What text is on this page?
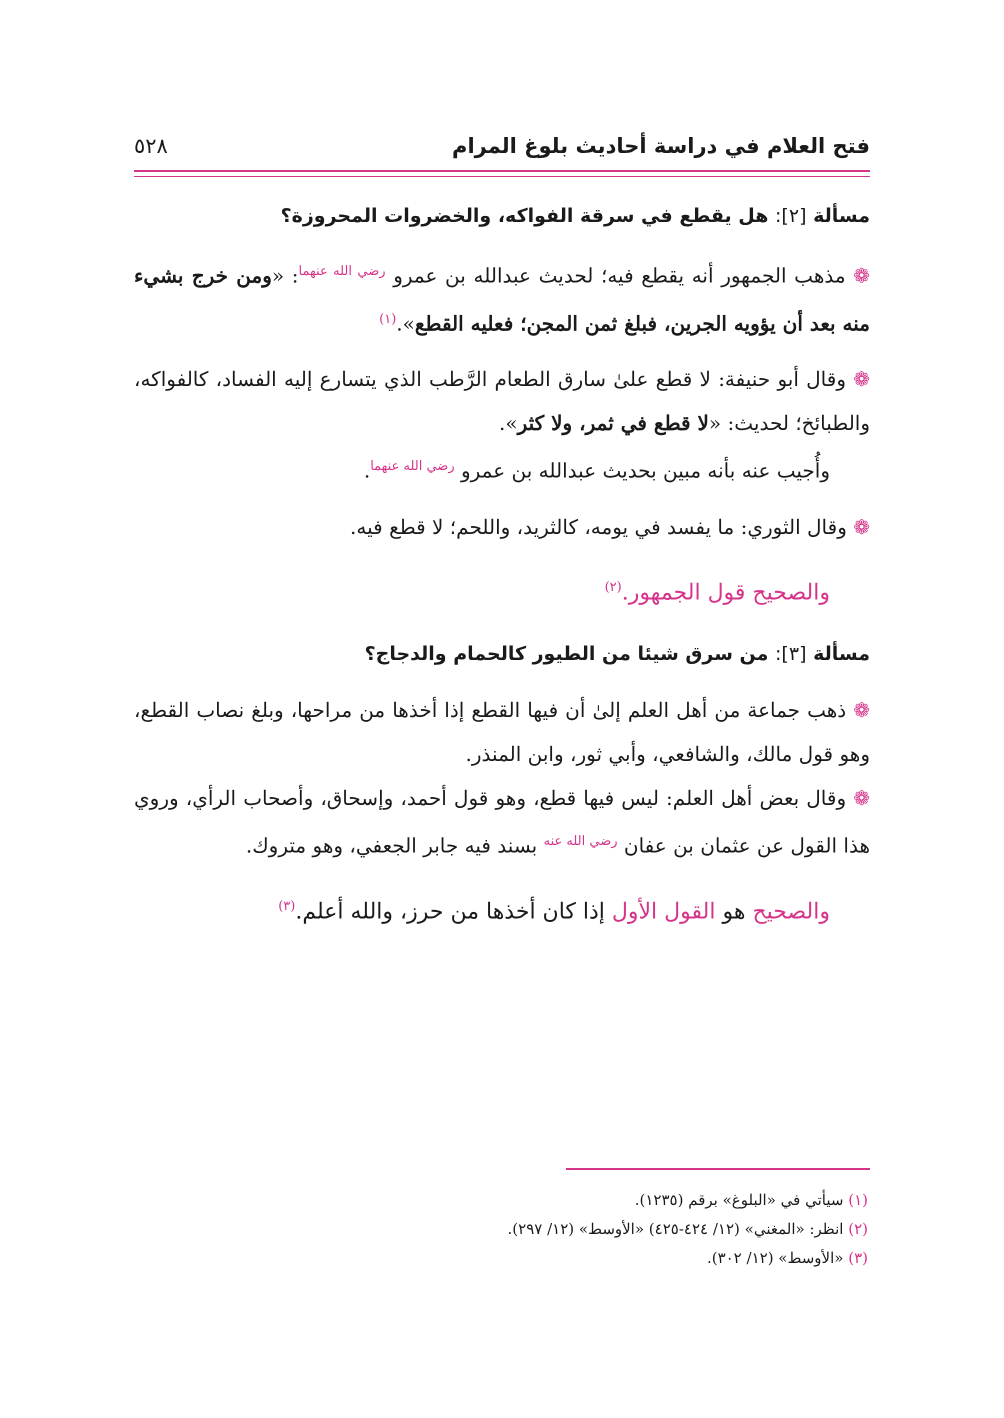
فتح العلام في دراسة أحاديث بلوغ المرام
٥٢٨
مسألة [٢]: هل يقطع في سرقة الفواكه، والخضروات المحروزة؟

❁ مذهب الجمهور أنه يقطع فيه؛ لحديث عبدالله بن عمرو $^{رضي الله عنهما}$: «ومن خرج بشيء منه بعد أن يؤويه الجرين، فبلغ ثمن المجن؛ فعليه القطع».$^{(١)}$

❁ وقال أبو حنيفة: لا قطع علىٰ سارق الطعام الرَّطب الذي يتسارع إليه الفساد، كالفواكه، والطبائخ؛ لحديث: «لا قطع في ثمر، ولا كثر».

وأُجيب عنه بأنه مبين بحديث عبدالله بن عمرو $^{رضي الله عنهما}$.

❁ وقال الثوري: ما يفسد في يومه، كالثريد، واللحم؛ لا قطع فيه.

والصحيح قول الجمهور.$^{(٢)}$

مسألة [٣]: من سرق شيئا من الطيور كالحمام والدجاج؟

❁ ذهب جماعة من أهل العلم إلىٰ أن فيها القطع إذا أخذها من مراحها، وبلغ نصاب القطع، وهو قول مالك، والشافعي، وأبي ثور، وابن المنذر.

❁ وقال بعض أهل العلم: ليس فيها قطع، وهو قول أحمد، وإسحاق، وأصحاب الرأي، وروي هذا القول عن عثمان بن عفان $^{رضي الله عنه}$ بسند فيه جابر الجعفي، وهو متروك.

والصحيح هو القول الأول إذا كان أخذها من حرز، والله أعلم.$^{(٣)}$

(١) سيأتي في «البلوغ» برقم (١٢٣٥).
(٢) انظر: «المغني» (١٢/ ٤٢٤-٤٢٥) «الأوسط» (١٢/ ٢٩٧).
(٣) «الأوسط» (١٢/ ٣٠٢).
